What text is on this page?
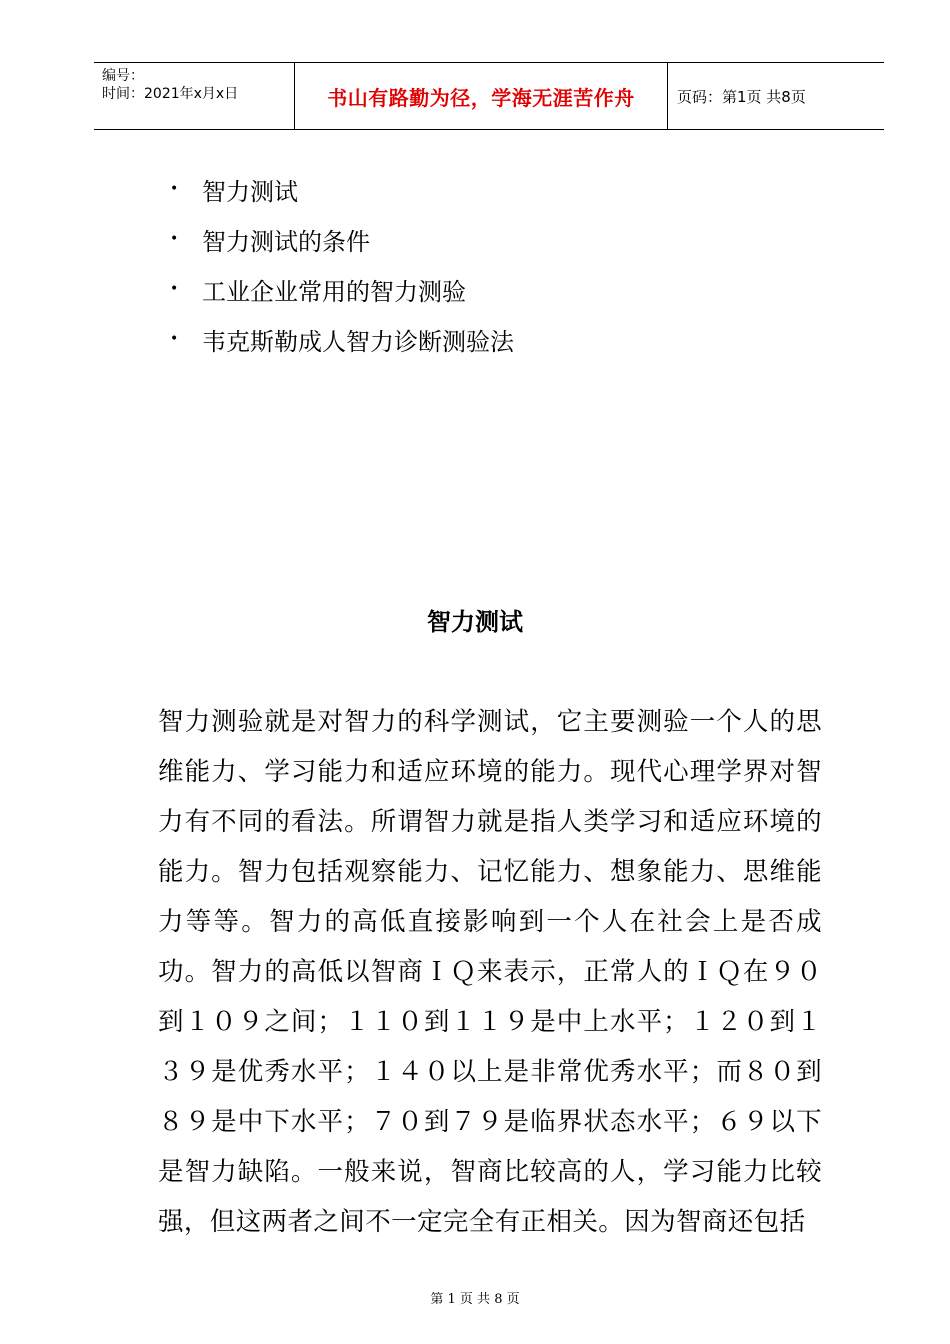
编号：
时间：2021年x月x日	书山有路勤为径，学海无涯苦作舟	页码：第1页 共8页
• 智力测试
• 智力测试的条件
• 工业企业常用的智力测验
• 韦克斯勒成人智力诊断测验法
智力测试

智力测验就是对智力的科学测试，它主要测验一个人的思维能力、学习能力和适应环境的能力。现代心理学界对智力有不同的看法。所谓智力就是指人类学习和适应环境的能力。智力包括观察能力、记忆能力、想象能力、思维能力等等。智力的高低直接影响到一个人在社会上是否成功。智力的高低以智商ＩＱ来表示，正常人的ＩＱ在９０到１０９之间；１１０到１１９是中上水平；１２０到１３９是优秀水平；１４０以上是非常优秀水平；而８０到８９是中下水平；７０到７９是临界状态水平；６９以下是智力缺陷。一般来说，智商比较高的人，学习能力比较强，但这两者之间不一定完全有正相关。因为智商还包括

第 1 页 共 8 页
